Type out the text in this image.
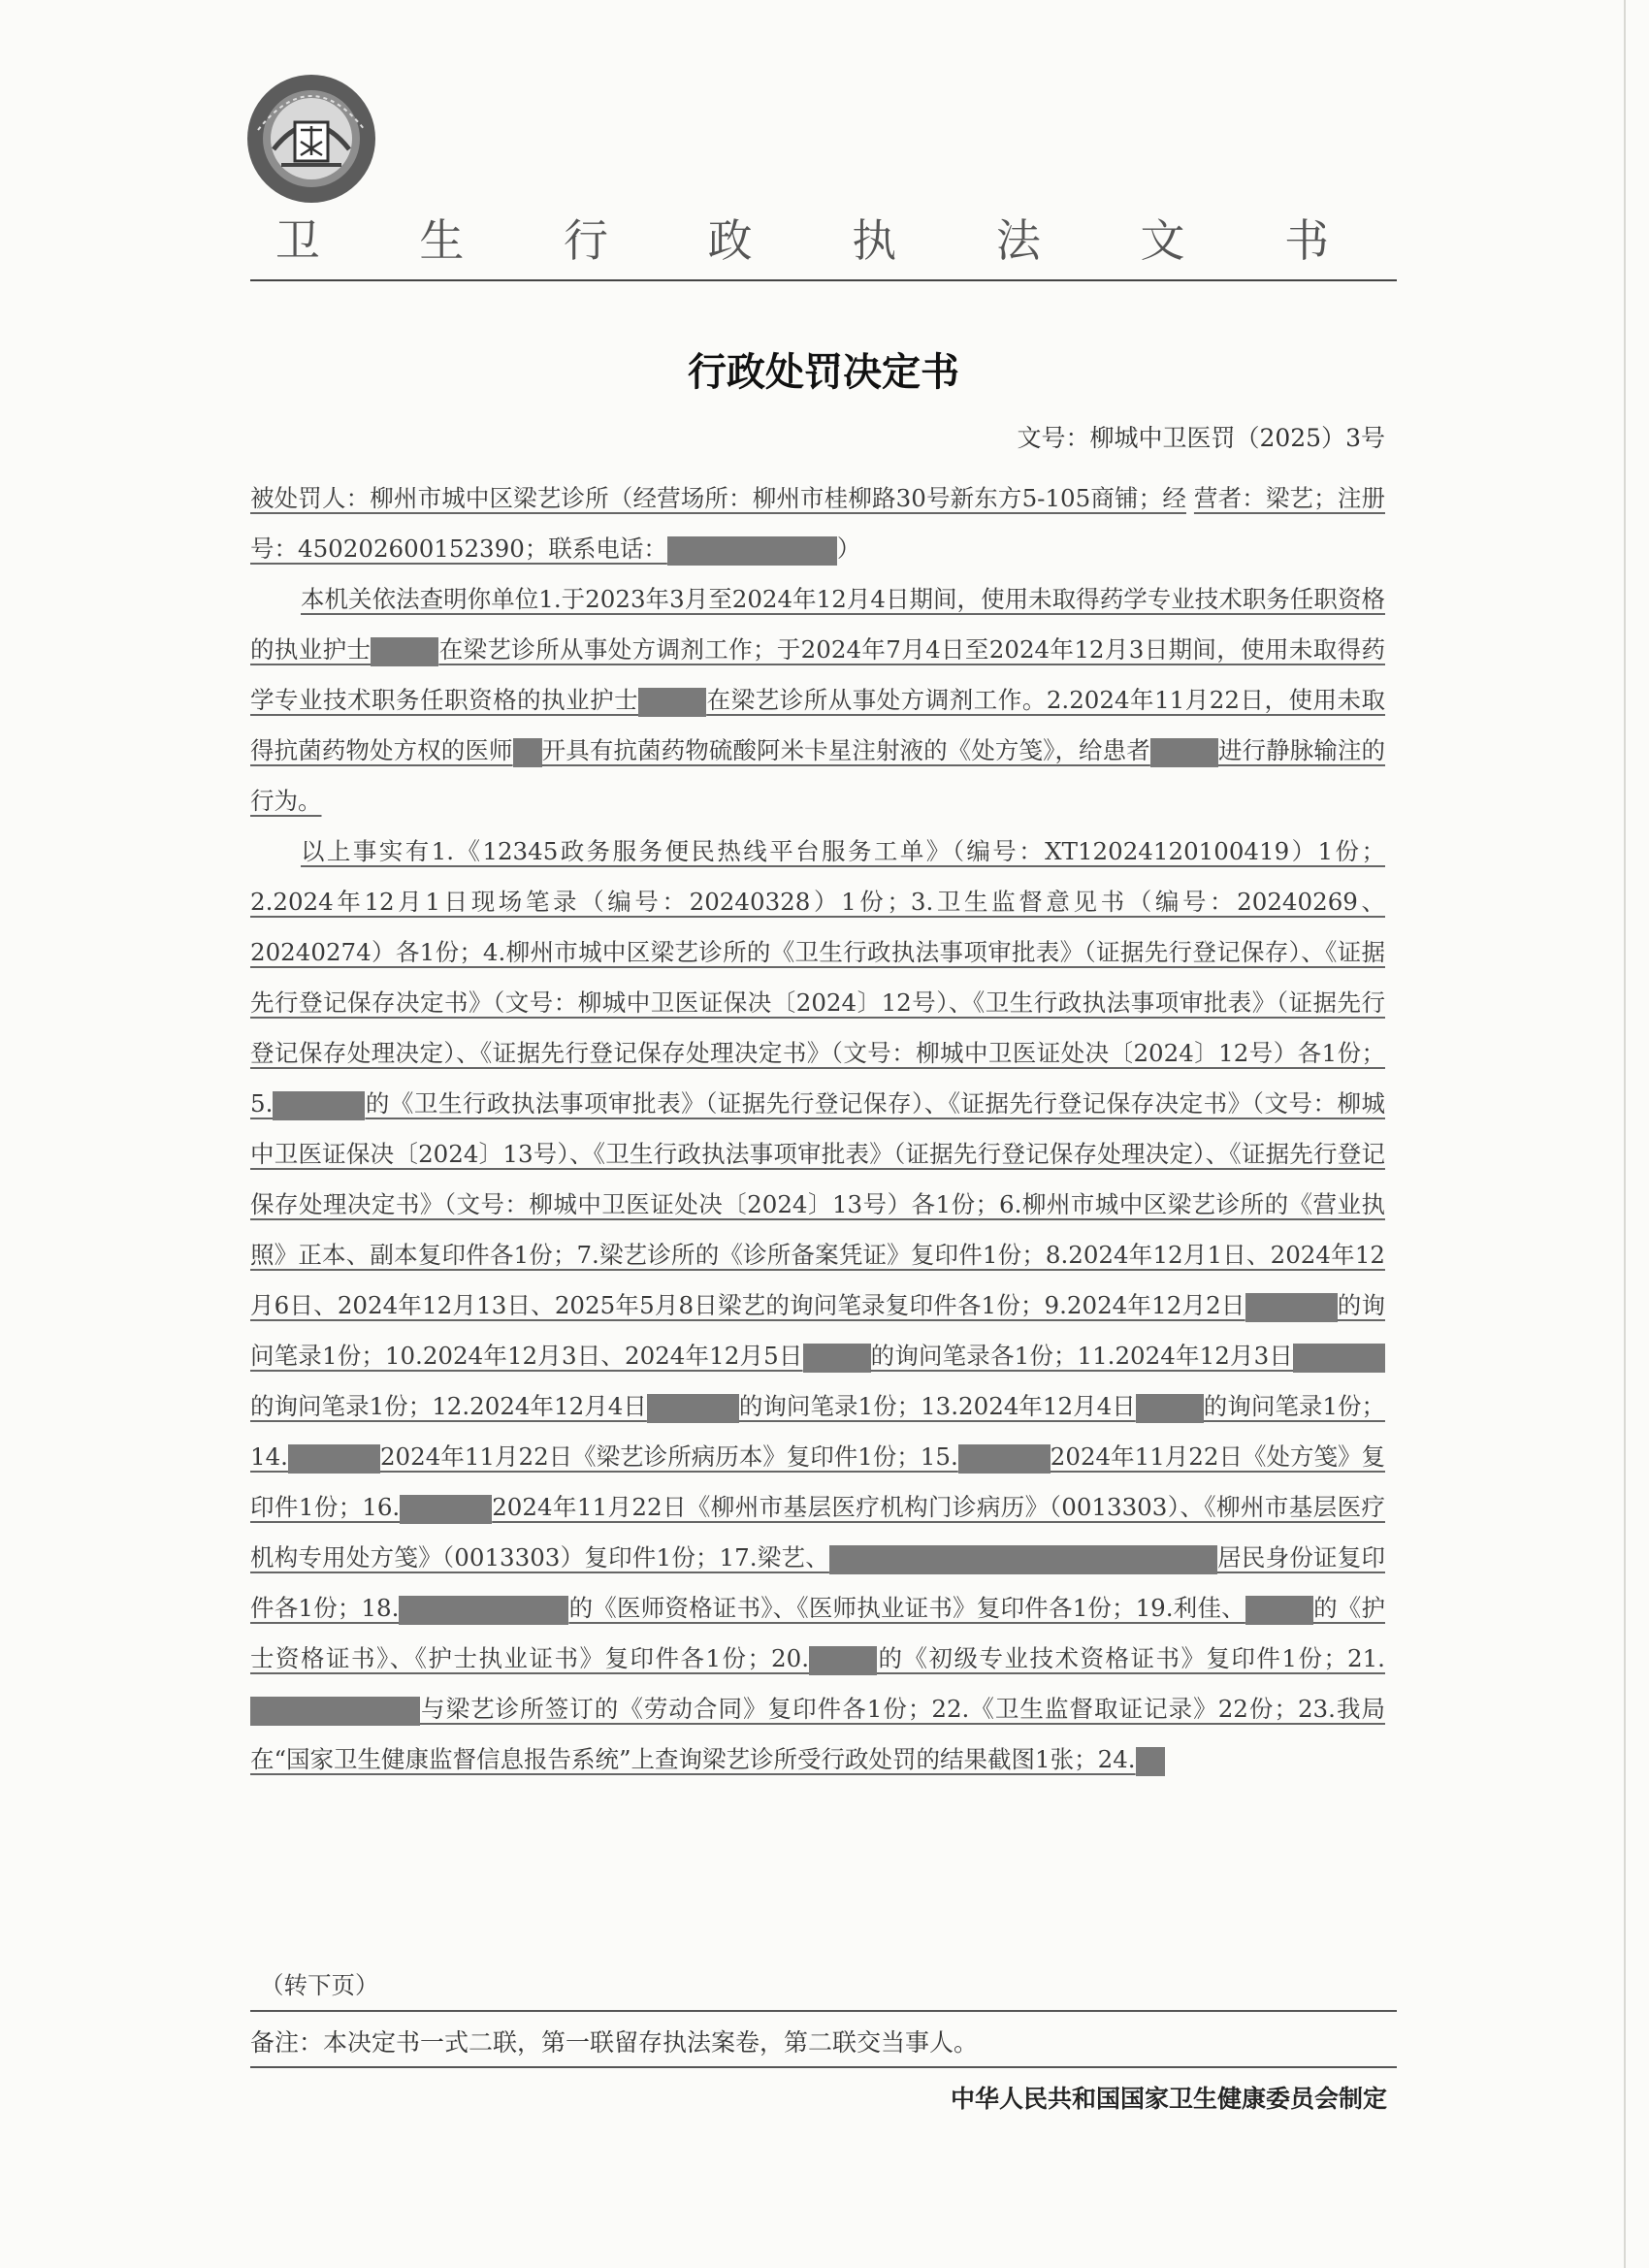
卫 生 行 政 执 法 文 书
行政处罚决定书
文号：柳城中卫医罚（2025）3号

被处罚人：柳州市城中区梁艺诊所（经营场所：柳州市桂柳路30号新东方5-105商铺；经 营者：梁艺；注册号：450202600152390；联系电话：	）

本机关依法查明你单位1.于2023年3月至2024年12月4日期间，使用未取得药学专业技术职务任职资格的执业护士	在梁艺诊所从事处方调剂工作；于2024年7月4日至2024年12月3日期间，使用未取得药学专业技术职务任职资格的执业护士	在梁艺诊所从事处方调剂工作。2.2024年11月22日，使用未取得抗菌药物处方权的医师 开具有抗菌药物硫酸阿米卡星注射液的《处方笺》，给患者	进行静脉输注的行为。

以上事实有1.《12345政务服务便民热线平台服务工单》（编号：XT12024120100419）1份；2.2024年12月1日现场笔录（编号：20240328）1份；3.卫生监督意见书（编号：20240269、20240274）各1份；4.柳州市城中区梁艺诊所的《卫生行政执法事项审批表》（证据先行登记保存）、《证据先行登记保存决定书》（文号：柳城中卫医证保决〔2024〕12号）、《卫生行政执法事项审批表》（证据先行登记保存处理决定）、《证据先行登记保存处理决定书》（文号：柳城中卫医证处决〔2024〕12号）各1份；5.	的《卫生行政执法事项审批表》（证据先行登记保存）、《证据先行登记保存决定书》（文号：柳城中卫医证保决〔2024〕13号）、《卫生行政执法事项审批表》（证据先行登记保存处理决定）、《证据先行登记保存处理决定书》（文号：柳城中卫医证处决〔2024〕13号）各1份；6.柳州市城中区梁艺诊所的《营业执照》正本、副本复印件各1份；7.梁艺诊所的《诊所备案凭证》复印件1份；8.2024年12月1日、2024年12月6日、2024年12月13日、2025年5月8日梁艺的询问笔录复印件各1份；9.2024年12月2日	的询问笔录1份；10.2024年12月3日、2024年12月5日	的询问笔录各1份；11.2024年12月3日的询问笔录1份；12.2024年12月4日	的询问笔录1份；13.2024年12月4日	的询问笔录1份；14.	2024年11月22日《梁艺诊所病历本》复印件1份；15.	2024年11月22日《处方笺》复印件1份；16.	2024年11月22日《柳州市基层医疗机构门诊病历》（0013303）、《柳州市基层医疗机构专用处方笺》（0013303）复印件1份；17.梁艺、	居民身份证复印件各1份；18.	的《医师资格证书》、《医师执业证书》复印件各1份；19.利佳、	的《护士资格证书》、《护士执业证书》复印件各1份；20.	的《初级专业技术资格证书》复印件1份；21.与梁艺诊所签订的《劳动合同》复印件各1份；22.《卫生监督取证记录》22份；23.我局在“国家卫生健康监督信息报告系统”上查询梁艺诊所受行政处罚的结果截图1张；24.

（转下页）
备注：本决定书一式二联，第一联留存执法案卷，第二联交当事人。
中华人民共和国国家卫生健康委员会制定
